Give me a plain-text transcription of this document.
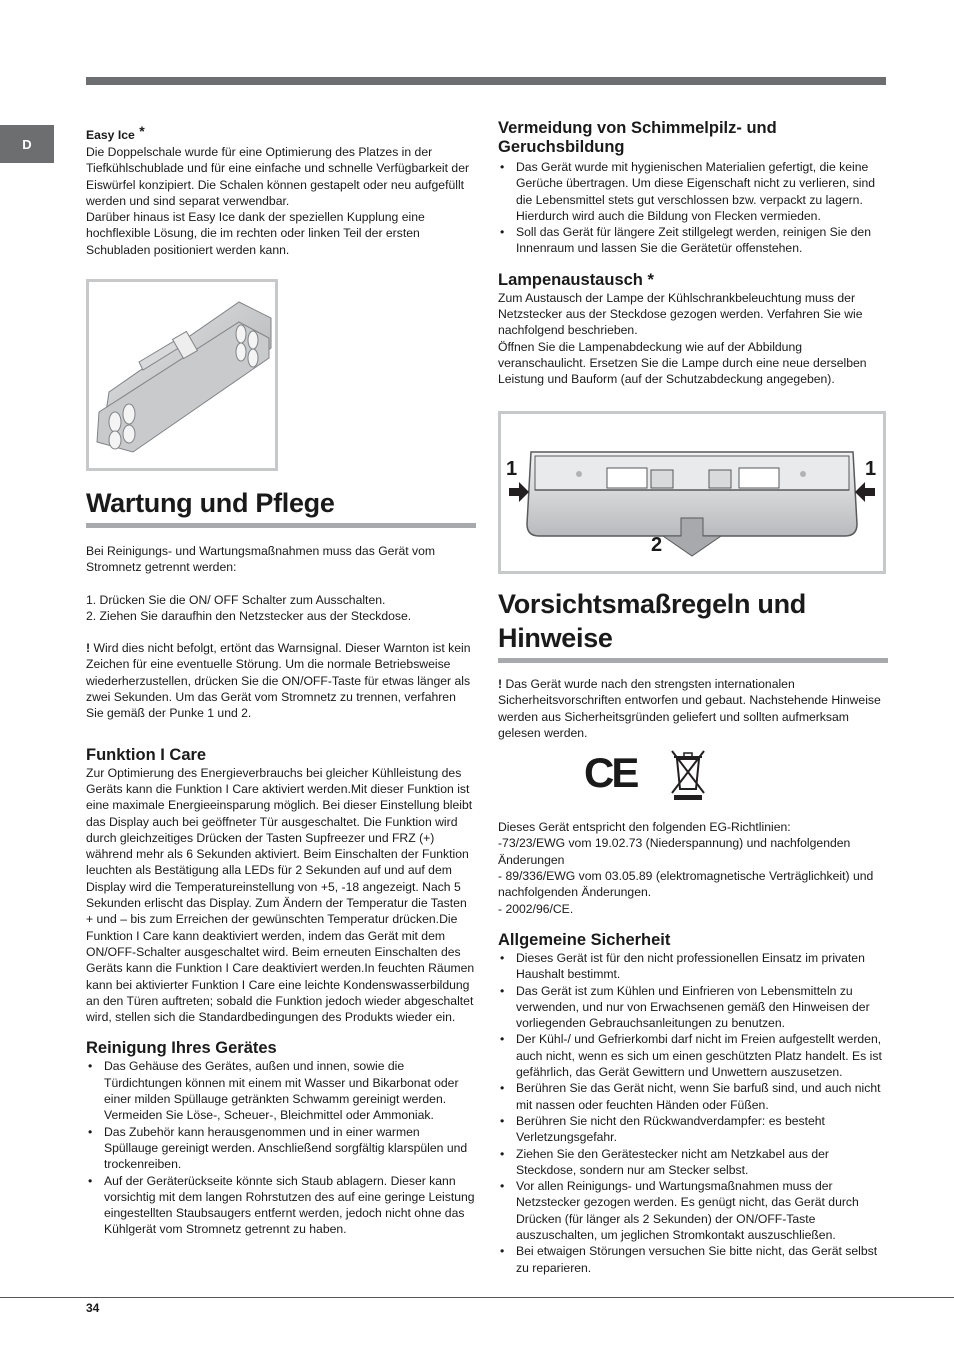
D
Easy Ice *

Die Doppelschale wurde für eine Optimierung des Platzes in der Tiefkühlschublade und für eine einfache und schnelle Verfügbarkeit der Eiswürfel konzipiert. Die Schalen können gestapelt oder neu aufgefüllt werden und sind separat verwendbar.

Darüber hinaus ist Easy Ice dank der speziellen Kupplung eine hochflexible Lösung, die im rechten oder linken Teil der ersten Schubladen positioniert werden kann.

Wartung und Pflege

Bei Reinigungs- und Wartungsmaßnahmen muss das Gerät vom Stromnetz getrennt werden:

1. Drücken Sie die ON/ OFF Schalter zum Ausschalten.
2. Ziehen Sie daraufhin den Netzstecker aus der Steckdose.

! Wird dies nicht befolgt, ertönt das Warnsignal. Dieser Warnton ist kein Zeichen für eine eventuelle Störung. Um die normale Betriebsweise wiederherzustellen, drücken Sie die ON/OFF-Taste für etwas länger als zwei Sekunden. Um das Gerät vom Stromnetz zu trennen, verfahren Sie gemäß der Punke 1 und 2.

Funktion I Care

Zur Optimierung des Energieverbrauchs bei gleicher Kühlleistung des Geräts kann die Funktion I Care aktiviert werden.Mit dieser Funktion ist eine maximale Energieeinsparung möglich. Bei dieser Einstellung bleibt das Display auch bei geöffneter Tür ausgeschaltet. Die Funktion wird durch gleichzeitiges Drücken der Tasten Supfreezer und FRZ (+) während mehr als 6 Sekunden aktiviert. Beim Einschalten der Funktion leuchten als Bestätigung alla LEDs für 2 Sekunden auf und auf dem Display wird die Temperatureinstellung von +5, -18 angezeigt. Nach 5 Sekunden erlischt das Display. Zum Ändern der Temperatur die Tasten + und – bis zum Erreichen der gewünschten Temperatur drücken.Die Funktion I Care kann deaktiviert werden, indem das Gerät mit dem ON/OFF-Schalter ausgeschaltet wird. Beim erneuten Einschalten des Geräts kann die Funktion I Care deaktiviert werden.In feuchten Räumen kann bei aktivierter Funktion I Care eine leichte Kondenswasserbildung an den Türen auftreten; sobald die Funktion jedoch wieder abgeschaltet wird, stellen sich die Standardbedingungen des Produkts wieder ein.

Reinigung Ihres Gerätes
• Das Gehäuse des Gerätes, außen und innen, sowie die Türdichtungen können mit einem mit Wasser und Bikarbonat oder einer milden Spüllauge getränkten Schwamm gereinigt werden. Vermeiden Sie Löse-, Scheuer-, Bleichmittel oder Ammoniak.
• Das Zubehör kann herausgenommen und in einer warmen Spüllauge gereinigt werden. Anschließend sorgfältig klarspülen und trockenreiben.
• Auf der Geräterückseite könnte sich Staub ablagern. Dieser kann vorsichtig mit dem langen Rohrstutzen des auf eine geringe Leistung eingestellten Staubsaugers entfernt werden, jedoch nicht ohne das Kühlgerät vom Stromnetz getrennt zu haben.
Vermeidung von Schimmelpilz- und Geruchsbildung
• Das Gerät wurde mit hygienischen Materialien gefertigt, die keine Gerüche übertragen. Um diese Eigenschaft nicht zu verlieren, sind die Lebensmittel stets gut verschlossen bzw. verpackt zu lagern. Hierdurch wird auch die Bildung von Flecken vermieden.
• Soll das Gerät für längere Zeit stillgelegt werden, reinigen Sie den Innenraum und lassen Sie die Gerätetür offenstehen.
Lampenaustausch *

Zum Austausch der Lampe der Kühlschrankbeleuchtung muss der Netzstecker aus der Steckdose gezogen werden. Verfahren Sie wie nachfolgend beschrieben.

Öffnen Sie die Lampenabdeckung wie auf der Abbildung veranschaulicht. Ersetzen Sie die Lampe durch eine neue derselben Leistung und Bauform (auf der Schutzabdeckung angegeben).

1	1
2
Vorsichtsmaßregeln und Hinweise

! Das Gerät wurde nach den strengsten internationalen Sicherheitsvorschriften entworfen und gebaut. Nachstehende Hinweise werden aus Sicherheitsgründen geliefert und sollten aufmerksam gelesen werden.

CE

Dieses Gerät entspricht den folgenden EG-Richtlinien:

-73/23/EWG vom 19.02.73 (Niederspannung) und nachfolgenden Änderungen

- 89/336/EWG vom 03.05.89 (elektromagnetische Verträglichkeit) und nachfolgenden Änderungen.

- 2002/96/CE.

Allgemeine Sicherheit
• Dieses Gerät ist für den nicht professionellen Einsatz im privaten Haushalt bestimmt.
• Das Gerät ist zum Kühlen und Einfrieren von Lebensmitteln zu verwenden, und nur von Erwachsenen gemäß den Hinweisen der vorliegenden Gebrauchsanleitungen zu benutzen.
• Der Kühl-/ und Gefrierkombi darf nicht im Freien aufgestellt werden, auch nicht, wenn es sich um einen geschützten Platz handelt. Es ist gefährlich, das Gerät Gewittern und Unwettern auszusetzen.
• Berühren Sie das Gerät nicht, wenn Sie barfuß sind, und auch nicht mit nassen oder feuchten Händen oder Füßen.
• Berühren Sie nicht den Rückwandverdampfer: es besteht Verletzungsgefahr.
• Ziehen Sie den Gerätestecker nicht am Netzkabel aus der Steckdose, sondern nur am Stecker selbst.
• Vor allen Reinigungs- und Wartungsmaßnahmen muss der Netzstecker gezogen werden. Es genügt nicht, das Gerät durch Drücken (für länger als 2 Sekunden) der ON/OFF-Taste auszuschalten, um jeglichen Stromkontakt auszuschließen.
• Bei etwaigen Störungen versuchen Sie bitte nicht, das Gerät selbst zu reparieren.
34
